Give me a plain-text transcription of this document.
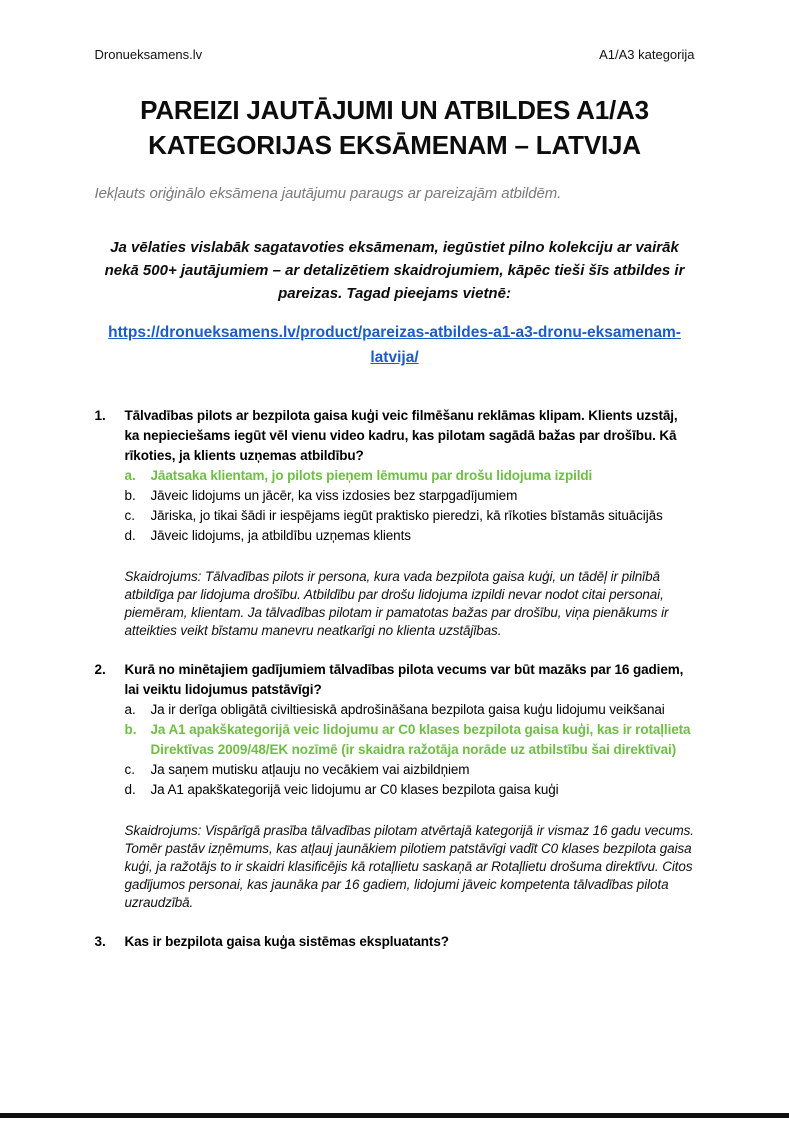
Dronueksamens.lv	A1/A3 kategorija
PAREIZI JAUTĀJUMI UN ATBILDES A1/A3 KATEGORIJAS EKSĀMENAM – LATVIJA
Iekļauts oriģinālo eksāmena jautājumu paraugs ar pareizajām atbildēm.
Ja vēlaties vislabāk sagatavoties eksāmenam, iegūstiet pilno kolekciju ar vairāk nekā 500+ jautājumiem – ar detalizētiem skaidrojumiem, kāpēc tieši šīs atbildes ir pareizas. Tagad pieejams vietnē:
https://dronueksamens.lv/product/pareizas-atbildes-a1-a3-dronu-eksamenam-latvija/
1.	Tālvadības pilots ar bezpilota gaisa kuģi veic filmēšanu reklāmas klipam. Klients uzstāj, ka nepieciešams iegūt vēl vienu video kadru, kas pilotam sagādā bažas par drošību. Kā rīkoties, ja klients uzņemas atbildību?
a.	Jāatsaka klientam, jo pilots pieņem lēmumu par drošu lidojuma izpildi
b.	Jāveic lidojums un jācēr, ka viss izdosies bez starpgadījumiem
c.	Jāriska, jo tikai šādi ir iespējams iegūt praktisko pieredzi, kā rīkoties bīstamās situācijās
d.	Jāveic lidojums, ja atbildību uzņemas klients
Skaidrojums: Tālvadības pilots ir persona, kura vada bezpilota gaisa kuģi, un tādēļ ir pilnībā atbildīga par lidojuma drošību. Atbildību par drošu lidojuma izpildi nevar nodot citai personai, piemēram, klientam. Ja tālvadības pilotam ir pamatotas bažas par drošību, viņa pienākums ir atteikties veikt bīstamu manevru neatkarīgi no klienta uzstājības.
2.	Kurā no minētajiem gadījumiem tālvadības pilota vecums var būt mazāks par 16 gadiem, lai veiktu lidojumus patstāvīgi?
a.	Ja ir derīga obligātā civiltiesiskā apdrošināšana bezpilota gaisa kuģu lidojumu veikšanai
b.	Ja A1 apakškategorijā veic lidojumu ar C0 klases bezpilota gaisa kuģi, kas ir rotaļlieta Direktīvas 2009/48/EK nozīmē (ir skaidra ražotāja norāde uz atbilstību šai direktīvai)
c.	Ja saņem mutisku atļauju no vecākiem vai aizbildņiem
d.	Ja A1 apakškategorijā veic lidojumu ar C0 klases bezpilota gaisa kuģi
Skaidrojums: Vispārīgā prasība tālvadības pilotam atvērtajā kategorijā ir vismaz 16 gadu vecums. Tomēr pastāv izņēmums, kas atļauj jaunākiem pilotiem patstāvīgi vadīt C0 klases bezpilota gaisa kuģi, ja ražotājs to ir skaidri klasificējis kā rotaļlietu saskaņā ar Rotaļlietu drošuma direktīvu. Citos gadījumos personai, kas jaunāka par 16 gadiem, lidojumi jāveic kompetenta tālvadības pilota uzraudzībā.
3.	Kas ir bezpilota gaisa kuģa sistēmas ekspluatants?
